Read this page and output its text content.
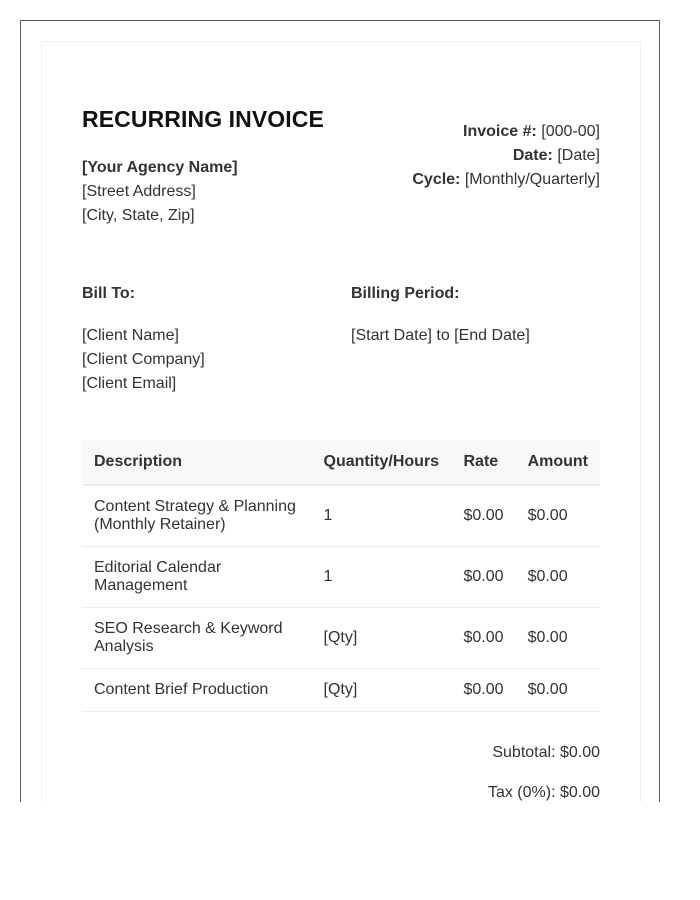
RECURRING INVOICE
[Your Agency Name]
[Street Address]
[City, State, Zip]
Invoice #: [000-00]
Date: [Date]
Cycle: [Monthly/Quarterly]
Bill To:
[Client Name]
[Client Company]
[Client Email]
Billing Period:
[Start Date] to [End Date]
Description	Quantity/Hours	Rate	Amount

Content Strategy & Planning
(Monthly Retainer)	1	$0.00	$0.00

Editorial Calendar
Management	1	$0.00	$0.00

SEO Research & Keyword
Analysis	[Qty]	$0.00	$0.00

Content Brief Production	[Qty]	$0.00	$0.00
Subtotal: $0.00
Tax (0%): $0.00
